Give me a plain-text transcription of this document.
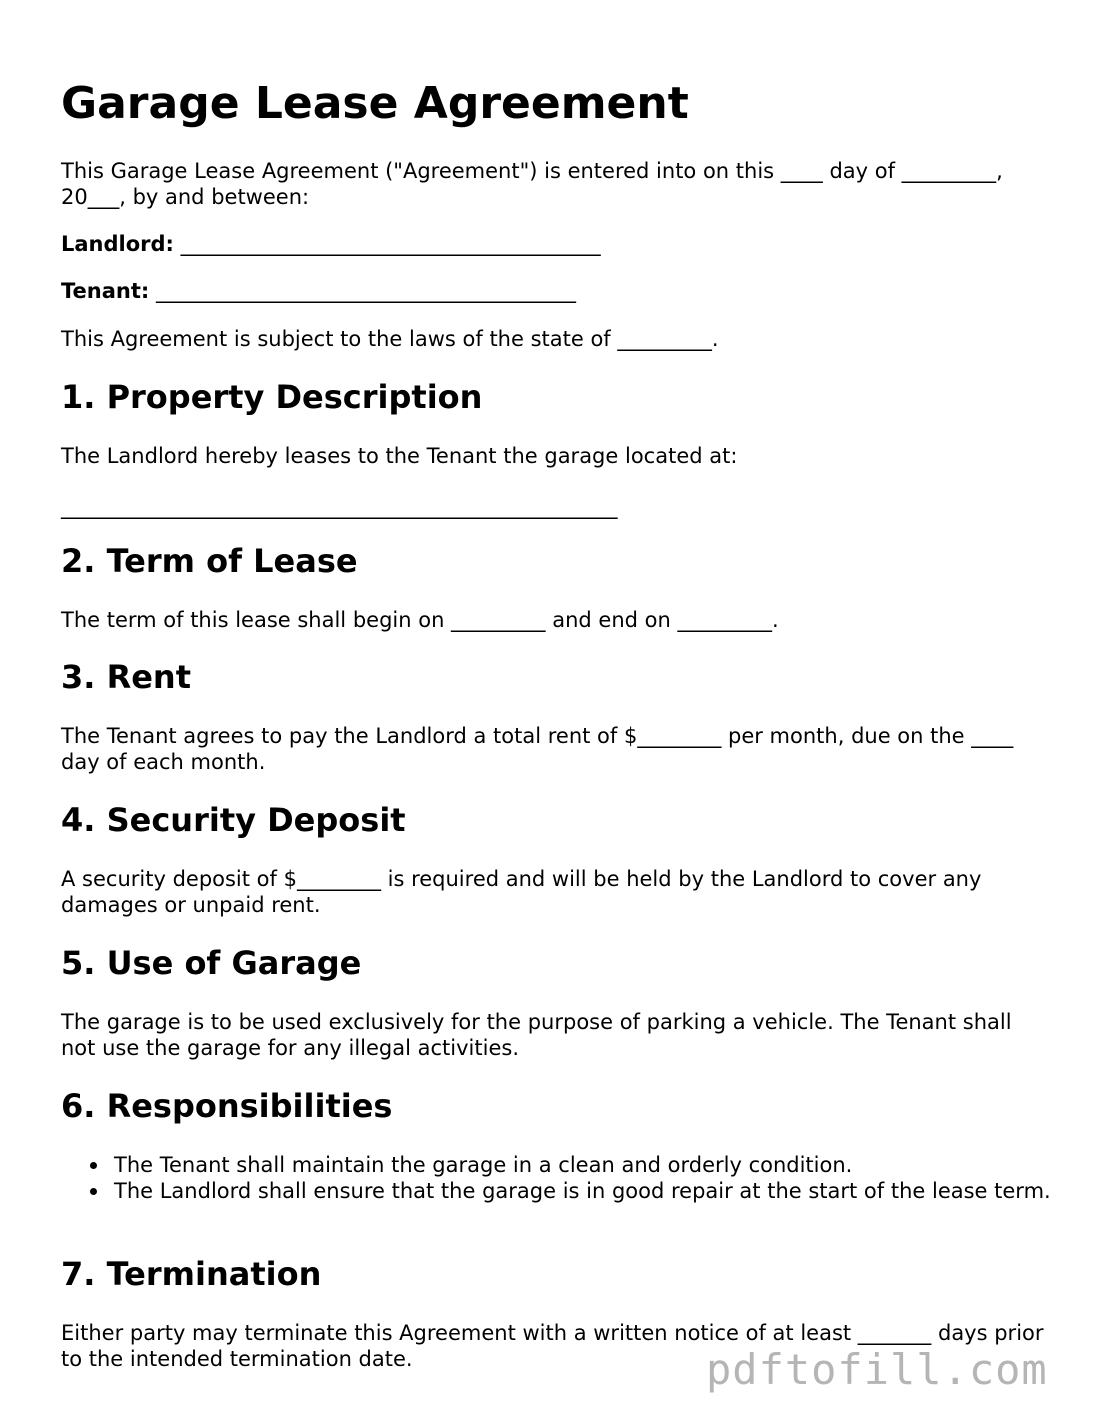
Garage Lease Agreement

This Garage Lease Agreement ("Agreement") is entered into on this ____ day of _________, 20___, by and between:

Landlord: ________________________________________

Tenant: ________________________________________

This Agreement is subject to the laws of the state of _________.

1. Property Description

The Landlord hereby leases to the Tenant the garage located at:

_____________________________________________________

2. Term of Lease

The term of this lease shall begin on _________ and end on _________.

3. Rent

The Tenant agrees to pay the Landlord a total rent of $________ per month, due on the ____ day of each month.

4. Security Deposit

A security deposit of $________ is required and will be held by the Landlord to cover any damages or unpaid rent.

5. Use of Garage

The garage is to be used exclusively for the purpose of parking a vehicle. The Tenant shall not use the garage for any illegal activities.

6. Responsibilities
The Tenant shall maintain the garage in a clean and orderly condition.
The Landlord shall ensure that the garage is in good repair at the start of the lease term.
7. Termination

Either party may terminate this Agreement with a written notice of at least _______ days prior to the intended termination date.	pdftofill.com
